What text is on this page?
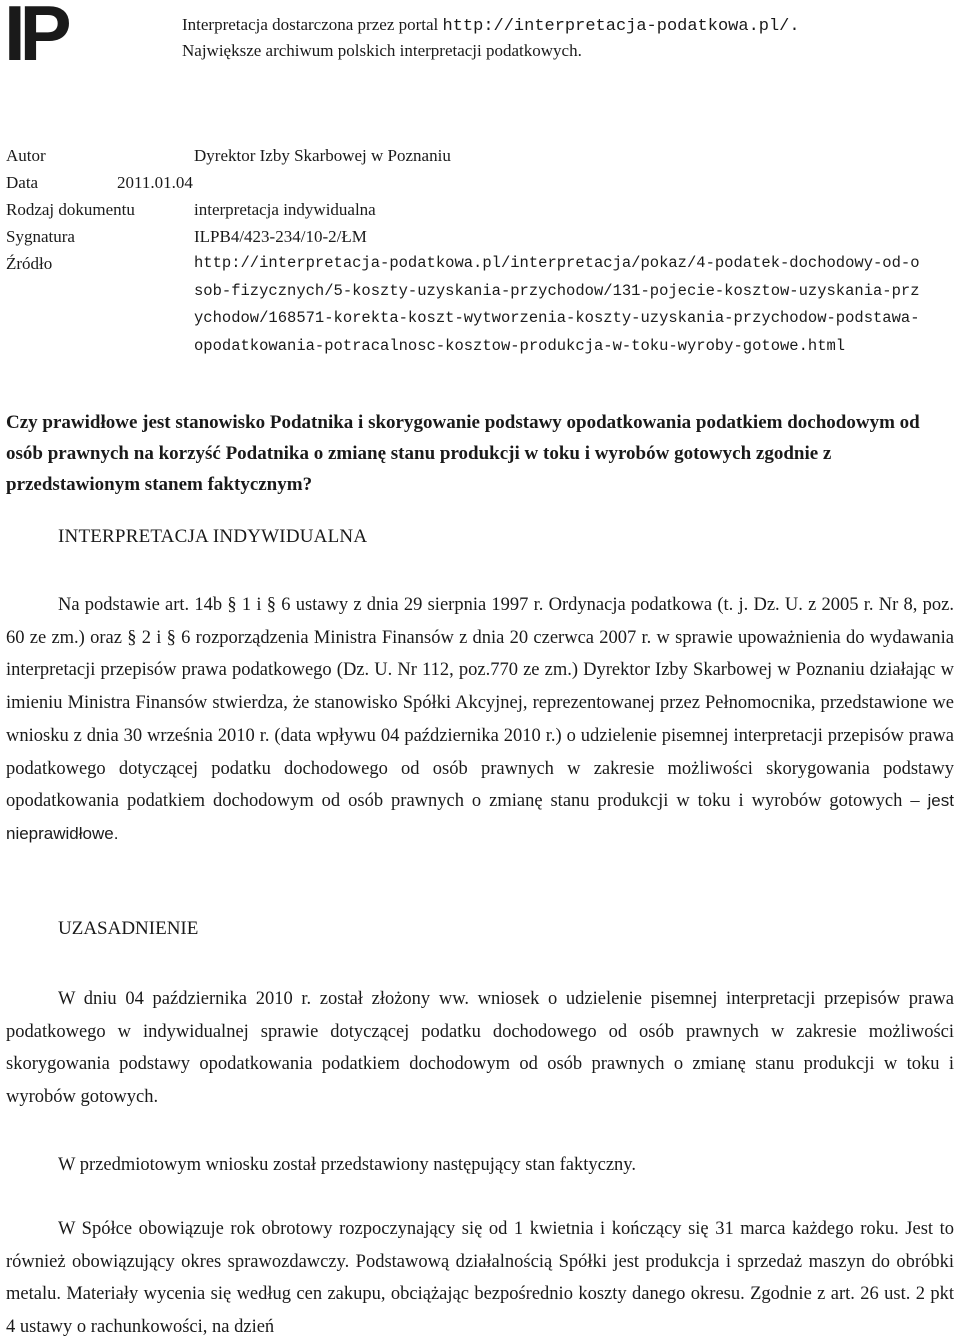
IP	Interpretacja dostarczona przez portal http://interpretacja-podatkowa.pl/.
Największe archiwum polskich interpretacji podatkowych.
Autor	Dyrektor Izby Skarbowej w Poznaniu
Data	2011.01.04
Rodzaj dokumentu	interpretacja indywidualna
Sygnatura	ILPB4/423-234/10-2/ŁM
Źródło	http://interpretacja-podatkowa.pl/interpretacja/pokaz/4-podatek-dochodowy-od-osob-fizycznych/5-koszty-uzyskania-przychodow/131-pojecie-kosztow-uzyskania-przychodow/168571-korekta-koszt-wytworzenia-koszty-uzyskania-przychodow-podstawa-opodatkowania-potracalnosc-kosztow-produkcja-w-toku-wyroby-gotowe.html
Czy prawidłowe jest stanowisko Podatnika i skorygowanie podstawy opodatkowania podatkiem dochodowym od osób prawnych na korzyść Podatnika o zmianę stanu produkcji w toku i wyrobów gotowych zgodnie z przedstawionym stanem faktycznym?
INTERPRETACJA INDYWIDUALNA
Na podstawie art. 14b § 1 i § 6 ustawy z dnia 29 sierpnia 1997 r. Ordynacja podatkowa (t. j. Dz. U. z 2005 r. Nr 8, poz. 60 ze zm.) oraz § 2 i § 6 rozporządzenia Ministra Finansów z dnia 20 czerwca 2007 r. w sprawie upoważnienia do wydawania interpretacji przepisów prawa podatkowego (Dz. U. Nr 112, poz.770 ze zm.) Dyrektor Izby Skarbowej w Poznaniu działając w imieniu Ministra Finansów stwierdza, że stanowisko Spółki Akcyjnej, reprezentowanej przez Pełnomocnika, przedstawione we wniosku z dnia 30 września 2010 r. (data wpływu 04 października 2010 r.) o udzielenie pisemnej interpretacji przepisów prawa podatkowego dotyczącej podatku dochodowego od osób prawnych w zakresie możliwości skorygowania podstawy opodatkowania podatkiem dochodowym od osób prawnych o zmianę stanu produkcji w toku i wyrobów gotowych – jest nieprawidłowe.
UZASADNIENIE
W dniu 04 października 2010 r. został złożony ww. wniosek o udzielenie pisemnej interpretacji przepisów prawa podatkowego w indywidualnej sprawie dotyczącej podatku dochodowego od osób prawnych w zakresie możliwości skorygowania podstawy opodatkowania podatkiem dochodowym od osób prawnych o zmianę stanu produkcji w toku i wyrobów gotowych.
W przedmiotowym wniosku został przedstawiony następujący stan faktyczny.
W Spółce obowiązuje rok obrotowy rozpoczynający się od 1 kwietnia i kończący się 31 marca każdego roku. Jest to również obowiązujący okres sprawozdawczy. Podstawową działalnością Spółki jest produkcja i sprzedaż maszyn do obróbki metalu. Materiały wycenia się według cen zakupu, obciążając bezpośrednio koszty danego okresu. Zgodnie z art. 26 ust. 2 pkt 4 ustawy o rachunkowości, na dzień
